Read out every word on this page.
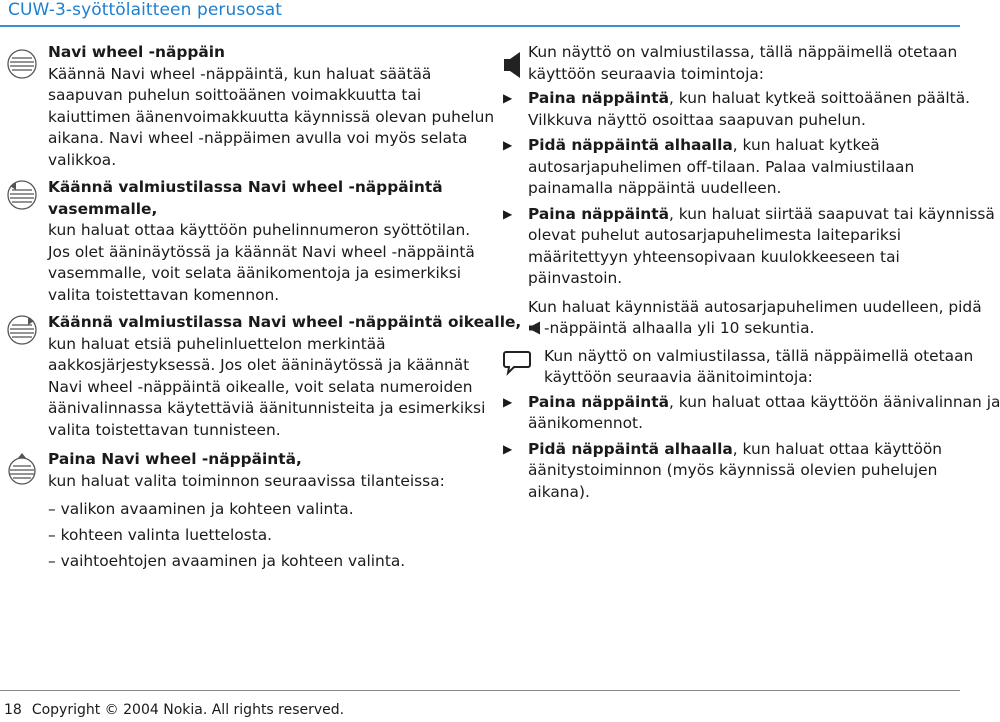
CUW-3-syöttölaitteen perusosat
Navi wheel -näppäin
Käännä Navi wheel -näppäintä, kun haluat säätää
saapuvan puhelun soittoäänen voimakkuutta tai
kaiuttimen äänenvoimakkuutta käynnissä olevan puhelun
aikana. Navi wheel -näppäimen avulla voi myös selata
valikkoa.
Käännä valmiustilassa Navi wheel -näppäintä
vasemmalle,
kun haluat ottaa käyttöön puhelinnumeron syöttötilan.
Jos olet ääninäytössä ja käännät Navi wheel -näppäintä
vasemmalle, voit selata äänikomentoja ja esimerkiksi
valita toistettavan komennon.
Käännä valmiustilassa Navi wheel -näppäintä oikealle,
kun haluat etsiä puhelinluettelon merkintää
aakkosjärjestyksessä. Jos olet ääninäytössä ja käännät
Navi wheel -näppäintä oikealle, voit selata numeroiden
äänivalinnassa käytettäviä äänitunnisteita ja esimerkiksi
valita toistettavan tunnisteen.
Paina Navi wheel -näppäintä,
kun haluat valita toiminnon seuraavissa tilanteissa:
– valikon avaaminen ja kohteen valinta.
– kohteen valinta luettelosta.
– vaihtoehtojen avaaminen ja kohteen valinta.
Kun näyttö on valmiustilassa, tällä näppäimellä otetaan
käyttöön seuraavia toimintoja:
▶ Paina näppäintä, kun haluat kytkeä soittoäänen päältä.
Vilkkuva näyttö osoittaa saapuvan puhelun.
▶ Pidä näppäintä alhaalla, kun haluat kytkeä
autosarjapuhelimen off-tilaan. Palaa valmiustilaan
painamalla näppäintä uudelleen.
▶ Paina näppäintä, kun haluat siirtää saapuvat tai käynnissä
olevat puhelut autosarjapuhelimesta laitepariksi
määritettyyn yhteensopivaan kuulokkeeseen tai
päinvastoin.
Kun haluat käynnistää autosarjapuhelimen uudelleen, pidä
-näppäintä alhaalla yli 10 sekuntia.
Kun näyttö on valmiustilassa, tällä näppäimellä otetaan
käyttöön seuraavia äänitoimintoja:
▶ Paina näppäintä, kun haluat ottaa käyttöön äänivalinnan ja
äänikomennot.
▶ Pidä näppäintä alhaalla, kun haluat ottaa käyttöön
äänitystoiminnon (myös käynnissä olevien puhelujen
aikana).
18 Copyright © 2004 Nokia. All rights reserved.
